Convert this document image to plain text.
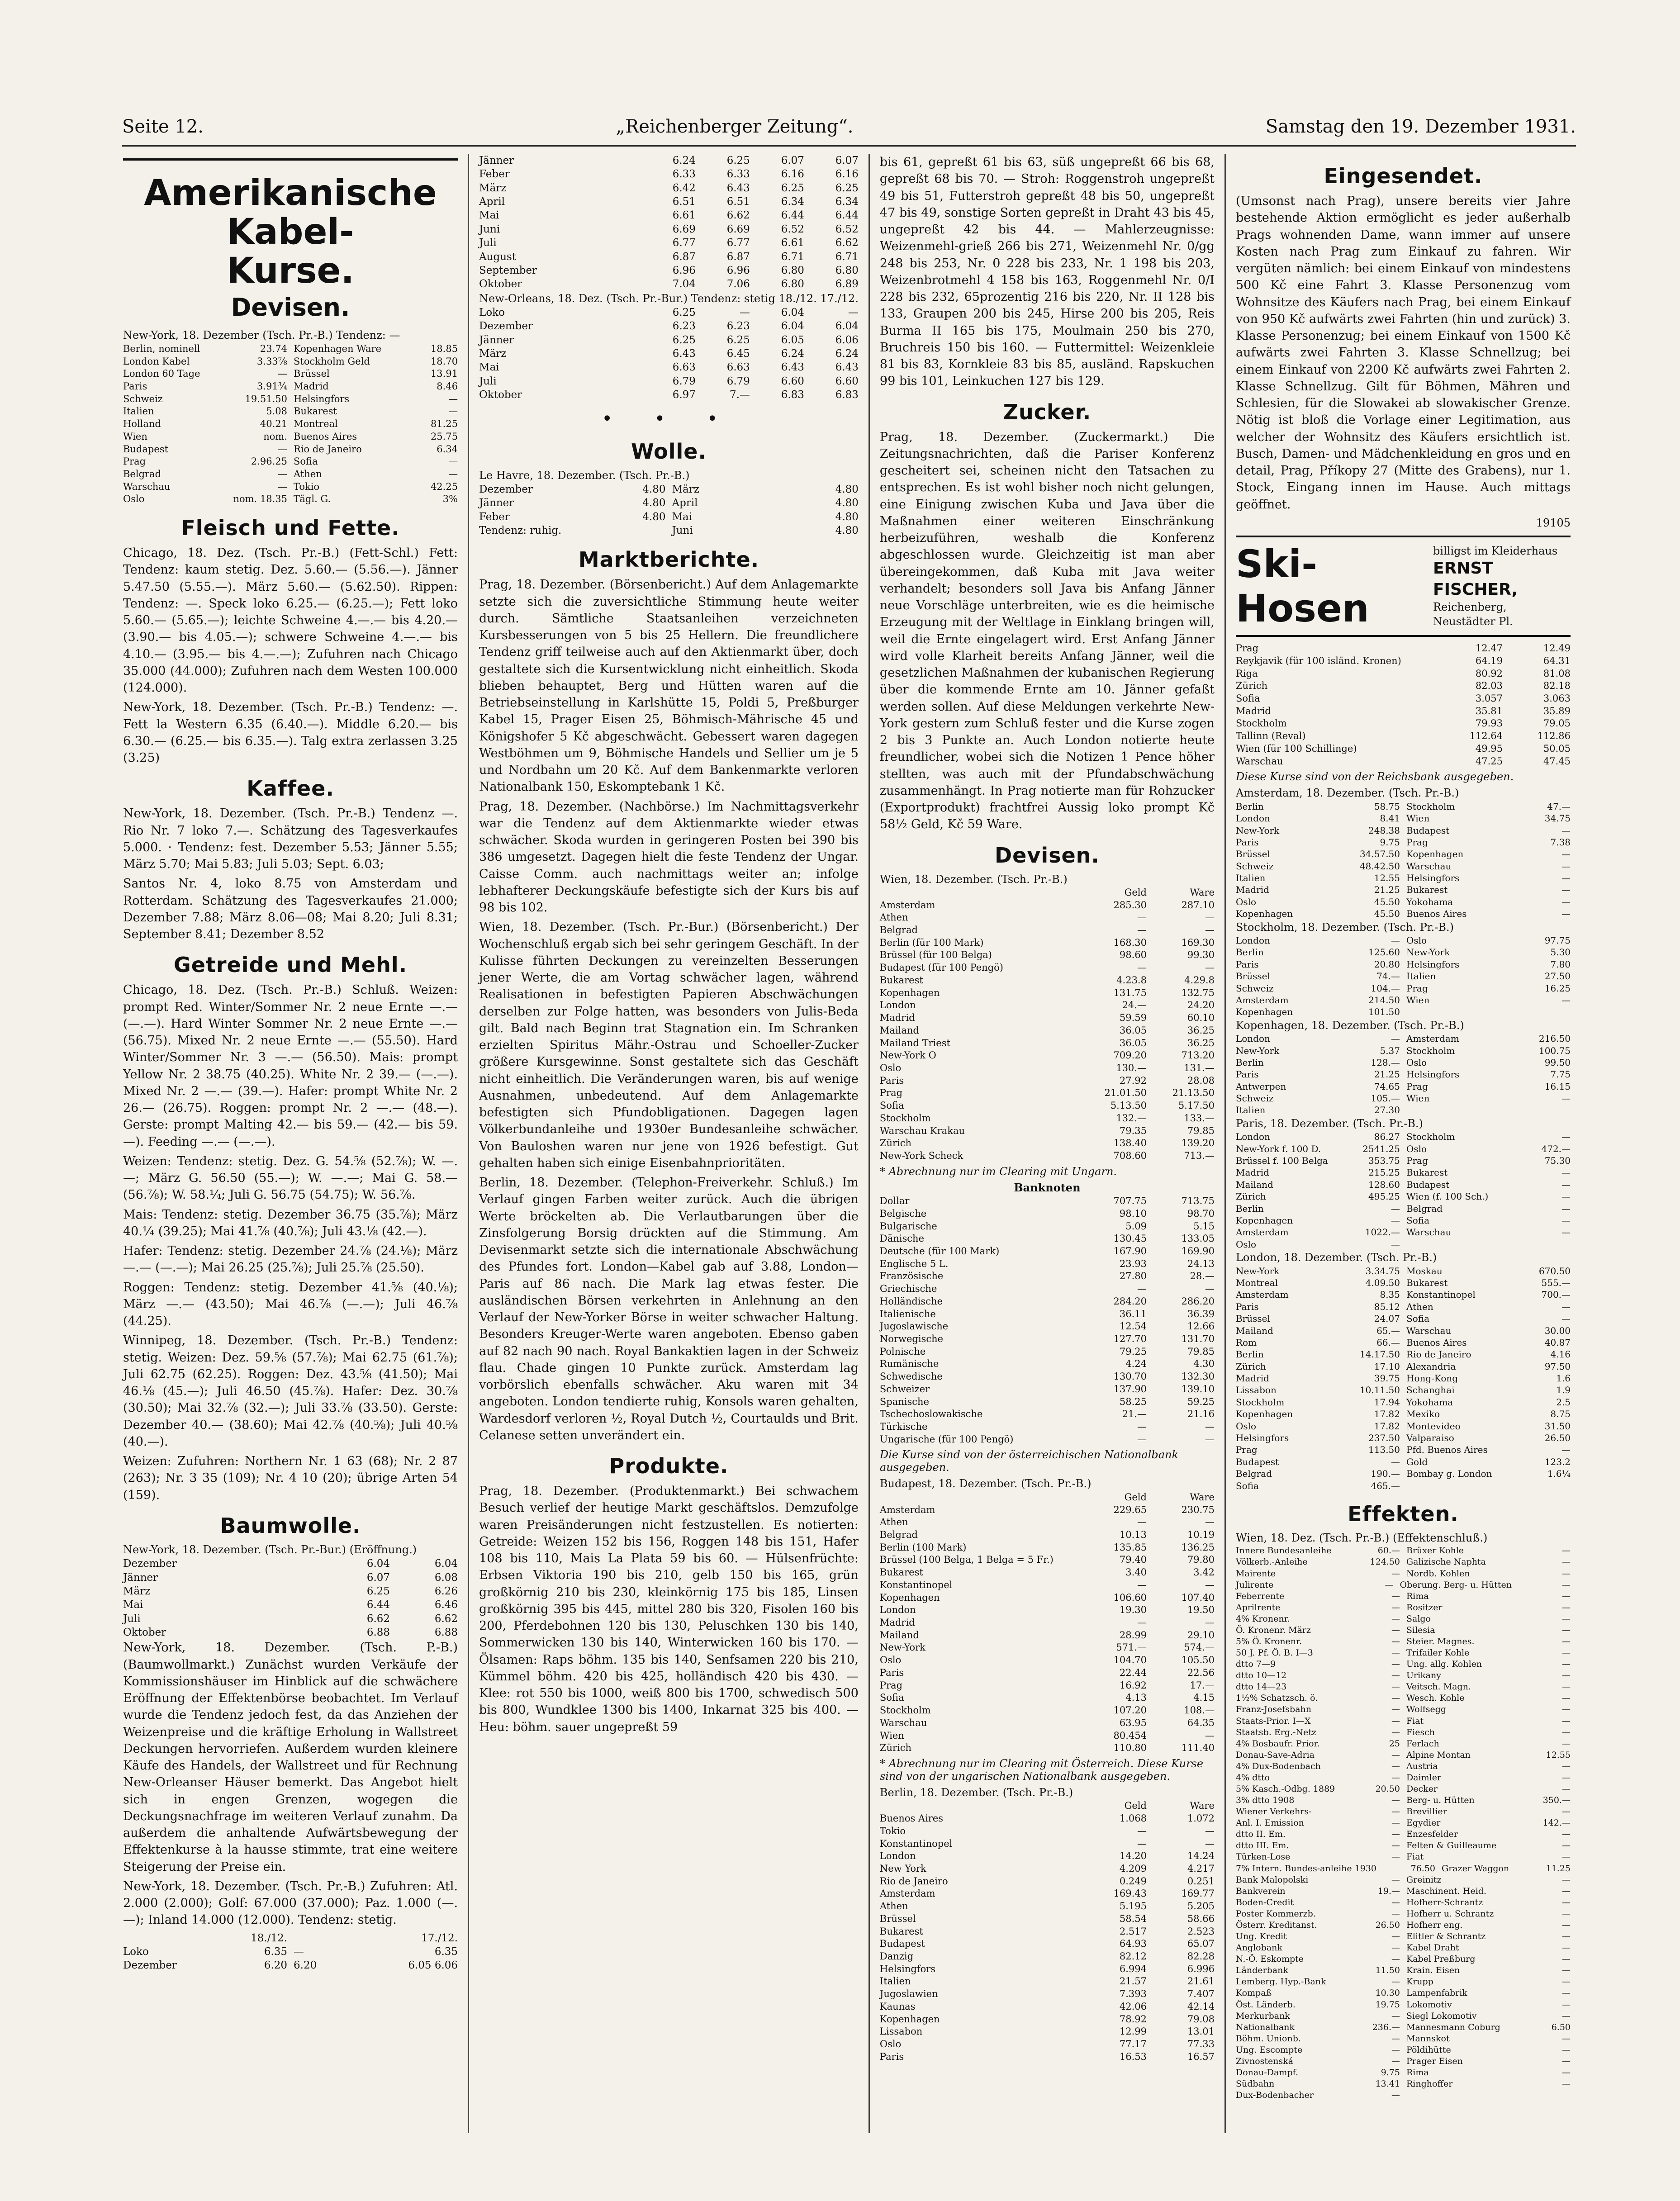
Seite 12.	„Reichenberger Zeitung“.	Samstag den 19. Dezember 1931.
Amerikanische Kabel-
Kurse.
Devisen.
New-York, 18. Dezember (Tsch. Pr.-B.) Tendenz: —
Berlin, nominell	23.74 Kopenhagen Ware	18.85
London Kabel	3.33⅞ Stockholm Geld	18.70
London 60 Tage	— Brüssel	13.91
Paris	3.91¾ Madrid	8.46
Schweiz	19.51.50 Helsingfors	—
Italien	5.08 Bukarest	—
Holland	40.21 Montreal	81.25
Wien	nom. Buenos Aires	25.75
Budapest	— Rio de Janeiro	6.34
Prag	2.96.25 Sofia	—
Belgrad	— Athen	—
Warschau	— Tokio	42.25
Oslo	nom. 18.35 Tägl. G.	3%
Fleisch und Fette.

Chicago, 18. Dez. (Tsch. Pr.-B.) (Fett-Schl.) Fett: Tendenz: kaum stetig. Dez. 5.60.— (5.56.—). Jänner 5.47.50 (5.55.—). März 5.60.— (5.62.50). Rippen: Tendenz: —. Speck loko 6.25.— (6.25.—); Fett loko 5.60.— (5.65.—); leichte Schweine 4.—.— bis 4.20.— (3.90.— bis 4.05.—); schwere Schweine 4.—.— bis 4.10.— (3.95.— bis 4.—.—); Zufuhren nach Chicago 35.000 (44.000); Zufuhren nach dem Westen 100.000 (124.000).

New-York, 18. Dezember. (Tsch. Pr.-B.) Tendenz: —. Fett la Western 6.35 (6.40.—). Middle 6.20.— bis 6.30.— (6.25.— bis 6.35.—). Talg extra zerlassen 3.25 (3.25)

Kaffee.

New-York, 18. Dezember. (Tsch. Pr.-B.) Tendenz —. Rio Nr. 7 loko 7.—. Schätzung des Tagesverkaufes 5.000. · Tendenz: fest. Dezember 5.53; Jänner 5.55; März 5.70; Mai 5.83; Juli 5.03; Sept. 6.03;

Santos Nr. 4, loko 8.75 von Amsterdam und Rotterdam. Schätzung des Tagesverkaufes 21.000; Dezember 7.88; März 8.06—08; Mai 8.20; Juli 8.31; September 8.41; Dezember 8.52

Getreide und Mehl.

Chicago, 18. Dez. (Tsch. Pr.-B.) Schluß. Weizen: prompt Red. Winter/Sommer Nr. 2 neue Ernte —.— (—.—). Hard Winter Sommer Nr. 2 neue Ernte —.— (56.75). Mixed Nr. 2 neue Ernte —.— (55.50). Hard Winter/Sommer Nr. 3 —.— (56.50). Mais: prompt Yellow Nr. 2 38.75 (40.25). White Nr. 2 39.— (—.—). Mixed Nr. 2 —.— (39.—). Hafer: prompt White Nr. 2 26.— (26.75). Roggen: prompt Nr. 2 —.— (48.—). Gerste: prompt Malting 42.— bis 59.— (42.— bis 59.—). Feeding —.— (—.—).

Weizen: Tendenz: stetig. Dez. G. 54.⅝ (52.⅞); W. —.—; März G. 56.50 (55.—); W. —.—; Mai G. 58.— (56.⅞); W. 58.¼; Juli G. 56.75 (54.75); W. 56.⅞.

Mais: Tendenz: stetig. Dezember 36.75 (35.⅞); März 40.¼ (39.25); Mai 41.⅞ (40.⅞); Juli 43.⅛ (42.—).

Hafer: Tendenz: stetig. Dezember 24.⅞ (24.⅛); März —.— (—.—); Mai 26.25 (25.⅞); Juli 25.⅞ (25.50).

Roggen: Tendenz: stetig. Dezember 41.⅝ (40.⅛); März —.— (43.50); Mai 46.⅞ (—.—); Juli 46.⅞ (44.25).

Winnipeg, 18. Dezember. (Tsch. Pr.-B.) Tendenz: stetig. Weizen: Dez. 59.⅝ (57.⅞); Mai 62.75 (61.⅞); Juli 62.75 (62.25). Roggen: Dez. 43.⅝ (41.50); Mai 46.⅛ (45.—); Juli 46.50 (45.⅞). Hafer: Dez. 30.⅞ (30.50); Mai 32.⅞ (32.—); Juli 33.⅞ (33.50). Gerste: Dezember 40.— (38.60); Mai 42.⅞ (40.⅝); Juli 40.⅝ (40.—).

Weizen: Zufuhren: Northern Nr. 1 63 (68); Nr. 2 87 (263); Nr. 3 35 (109); Nr. 4 10 (20); übrige Arten 54 (159).

Baumwolle.
New-York, 18. Dezember. (Tsch. Pr.-Bur.) (Eröffnung.)
Dezember	6.04	6.04
Jänner	6.07	6.08
März	6.25	6.26
Mai	6.44	6.46
Juli	6.62	6.62
Oktober	6.88	6.88

New-York, 18. Dezember. (Tsch. P.-B.) (Baumwollmarkt.) Zunächst wurden Verkäufe der Kommissionshäuser im Hinblick auf die schwächere Eröffnung der Effektenbörse beobachtet. Im Verlauf wurde die Tendenz jedoch fest, da das Anziehen der Weizenpreise und die kräftige Erholung in Wallstreet Deckungen hervorriefen. Außerdem wurden kleinere Käufe des Handels, der Wallstreet und für Rechnung New-Orleanser Häuser bemerkt. Das Angebot hielt sich in engen Grenzen, wogegen die Deckungsnachfrage im weiteren Verlauf zunahm. Da außerdem die anhaltende Aufwärtsbewegung der Effektenkurse à la hausse stimmte, trat eine weitere Steigerung der Preise ein.

New-York, 18. Dezember. (Tsch. Pr.-B.) Zufuhren: Atl. 2.000 (2.000); Golf: 67.000 (37.000); Paz. 1.000 (—.—); Inland 14.000 (12.000). Tendenz: stetig.

18./12.	17./12.
Loko	6.35 —	6.35
Dezember	6.20 6.20	6.05 6.06
Jänner	6.24	6.25	6.07	6.07
Feber	6.33	6.33	6.16	6.16
März	6.42	6.43	6.25	6.25
April	6.51	6.51	6.34	6.34
Mai	6.61	6.62	6.44	6.44
Juni	6.69	6.69	6.52	6.52
Juli	6.77	6.77	6.61	6.62
August	6.87	6.87	6.71	6.71
September	6.96	6.96	6.80	6.80
Oktober	7.04	7.06	6.80	6.89
New-Orleans, 18. Dez. (Tsch. Pr.-Bur.) Tendenz: stetig 18./12. 17./12.
Loko	6.25	—	6.04	—
Dezember	6.23	6.23	6.04	6.04
Jänner	6.25	6.25	6.05	6.06
März	6.43	6.45	6.24	6.24
Mai	6.63	6.63	6.43	6.43
Juli	6.79	6.79	6.60	6.60
Oktober	6.97	7.—	6.83	6.83
• • •
Wolle.
Le Havre, 18. Dezember. (Tsch. Pr.-B.)
Dezember	4.80 März	4.80
Jänner	4.80 April	4.80
Feber	4.80 Mai	4.80
Tendenz: ruhig.	Juni	4.80
Marktberichte.

Prag, 18. Dezember. (Börsenbericht.) Auf dem Anlagemarkte setzte sich die zuversichtliche Stimmung heute weiter durch. Sämtliche Staatsanleihen verzeichneten Kursbesserungen von 5 bis 25 Hellern. Die freundlichere Tendenz griff teilweise auch auf den Aktienmarkt über, doch gestaltete sich die Kursentwicklung nicht einheitlich. Skoda blieben behauptet, Berg und Hütten waren auf die Betriebseinstellung in Karlshütte 15, Poldi 5, Preßburger Kabel 15, Prager Eisen 25, Böhmisch-Mährische 45 und Königshofer 5 Kč abgeschwächt. Gebessert waren dagegen Westböhmen um 9, Böhmische Handels und Sellier um je 5 und Nordbahn um 20 Kč. Auf dem Bankenmarkte verloren Nationalbank 150, Eskomptebank 1 Kč.

Prag, 18. Dezember. (Nachbörse.) Im Nachmittagsverkehr war die Tendenz auf dem Aktienmarkte wieder etwas schwächer. Skoda wurden in geringeren Posten bei 390 bis 386 umgesetzt. Dagegen hielt die feste Tendenz der Ungar. Caisse Comm. auch nachmittags weiter an; infolge lebhafterer Deckungskäufe befestigte sich der Kurs bis auf 98 bis 102.

Wien, 18. Dezember. (Tsch. Pr.-Bur.) (Börsenbericht.) Der Wochenschluß ergab sich bei sehr geringem Geschäft. In der Kulisse führten Deckungen zu vereinzelten Besserungen jener Werte, die am Vortag schwächer lagen, während Realisationen in befestigten Papieren Abschwächungen derselben zur Folge hatten, was besonders von Julis-Beda gilt. Bald nach Beginn trat Stagnation ein. Im Schranken erzielten Spiritus Mähr.-Ostrau und Schoeller-Zucker größere Kursgewinne. Sonst gestaltete sich das Geschäft nicht einheitlich. Die Veränderungen waren, bis auf wenige Ausnahmen, unbedeutend. Auf dem Anlagemarkte befestigten sich Pfundobligationen. Dagegen lagen Völkerbundanleihe und 1930er Bundesanleihe schwächer. Von Bauloshen waren nur jene von 1926 befestigt. Gut gehalten haben sich einige Eisenbahnprioritäten.

Berlin, 18. Dezember. (Telephon-Freiverkehr. Schluß.) Im Verlauf gingen Farben weiter zurück. Auch die übrigen Werte bröckelten ab. Die Verlautbarungen über die Zinsfolgerung Borsig drückten auf die Stimmung. Am Devisenmarkt setzte sich die internationale Abschwächung des Pfundes fort. London—Kabel gab auf 3.88, London—Paris auf 86 nach. Die Mark lag etwas fester. Die ausländischen Börsen verkehrten in Anlehnung an den Verlauf der New-Yorker Börse in weiter schwacher Haltung. Besonders Kreuger-Werte waren angeboten. Ebenso gaben auf 82 nach 90 nach. Royal Bankaktien lagen in der Schweiz flau. Chade gingen 10 Punkte zurück. Amsterdam lag vorbörslich ebenfalls schwächer. Aku waren mit 34 angeboten. London tendierte ruhig, Konsols waren gehalten, Wardesdorf verloren ½, Royal Dutch ½, Courtaulds und Brit. Celanese setten unverändert ein.

Produkte.

Prag, 18. Dezember. (Produktenmarkt.) Bei schwachem Besuch verlief der heutige Markt geschäftslos. Demzufolge waren Preisänderungen nicht festzustellen. Es notierten: Getreide: Weizen 152 bis 156, Roggen 148 bis 151, Hafer 108 bis 110, Mais La Plata 59 bis 60. — Hülsenfrüchte: Erbsen Viktoria 190 bis 210, gelb 150 bis 165, grün großkörnig 210 bis 230, kleinkörnig 175 bis 185, Linsen großkörnig 395 bis 445, mittel 280 bis 320, Fisolen 160 bis 200, Pferdebohnen 120 bis 130, Peluschken 130 bis 140, Sommerwicken 130 bis 140, Winterwicken 160 bis 170. — Ölsamen: Raps böhm. 135 bis 140, Senfsamen 220 bis 210, Kümmel böhm. 420 bis 425, holländisch 420 bis 430. — Klee: rot 550 bis 1000, weiß 800 bis 1700, schwedisch 500 bis 800, Wundklee 1300 bis 1400, Inkarnat 325 bis 400. — Heu: böhm. sauer ungepreßt 59

bis 61, gepreßt 61 bis 63, süß ungepreßt 66 bis 68, gepreßt 68 bis 70. — Stroh: Roggenstroh ungepreßt 49 bis 51, Futterstroh gepreßt 48 bis 50, ungepreßt 47 bis 49, sonstige Sorten gepreßt in Draht 43 bis 45, ungepreßt 42 bis 44. — Mahlerzeugnisse: Weizenmehl-grieß 266 bis 271, Weizenmehl Nr. 0/gg 248 bis 253, Nr. 0 228 bis 233, Nr. 1 198 bis 203, Weizenbrotmehl 4 158 bis 163, Roggenmehl Nr. 0/I 228 bis 232, 65prozentig 216 bis 220, Nr. II 128 bis 133, Graupen 200 bis 245, Hirse 200 bis 205, Reis Burma II 165 bis 175, Moulmain 250 bis 270, Bruchreis 150 bis 160. — Futtermittel: Weizenkleie 81 bis 83, Kornkleie 83 bis 85, ausländ. Rapskuchen 99 bis 101, Leinkuchen 127 bis 129.

Zucker.

Prag, 18. Dezember. (Zuckermarkt.) Die Zeitungsnachrichten, daß die Pariser Konferenz gescheitert sei, scheinen nicht den Tatsachen zu entsprechen. Es ist wohl bisher noch nicht gelungen, eine Einigung zwischen Kuba und Java über die Maßnahmen einer weiteren Einschränkung herbeizuführen, weshalb die Konferenz abgeschlossen wurde. Gleichzeitig ist man aber übereingekommen, daß Kuba mit Java weiter verhandelt; besonders soll Java bis Anfang Jänner neue Vorschläge unterbreiten, wie es die heimische Erzeugung mit der Weltlage in Einklang bringen will, weil die Ernte eingelagert wird. Erst Anfang Jänner wird volle Klarheit bereits Anfang Jänner, weil die gesetzlichen Maßnahmen der kubanischen Regierung über die kommende Ernte am 10. Jänner gefaßt werden sollen. Auf diese Meldungen verkehrte New-York gestern zum Schluß fester und die Kurse zogen 2 bis 3 Punkte an. Auch London notierte heute freundlicher, wobei sich die Notizen 1 Pence höher stellten, was auch mit der Pfundabschwächung zusammenhängt. In Prag notierte man für Rohzucker (Exportprodukt) frachtfrei Aussig loko prompt Kč 58½ Geld, Kč 59 Ware.

Devisen.
Wien, 18. Dezember. (Tsch. Pr.-B.)
Geld	Ware
Amsterdam	285.30	287.10
Athen	—	—
Belgrad	—	—
Berlin (für 100 Mark)	168.30	169.30
Brüssel (für 100 Belga)	98.60	99.30
Budapest (für 100 Pengö)	—	—
Bukarest	4.23.8	4.29.8
Kopenhagen	131.75	132.75
London	24.—	24.20
Madrid	59.59	60.10
Mailand	36.05	36.25
Mailand Triest	36.05	36.25
New-York O	709.20	713.20
Oslo	130.—	131.—
Paris	27.92	28.08
Prag	21.01.50	21.13.50
Sofia	5.13.50	5.17.50
Stockholm	132.—	133.—
Warschau Krakau	79.35	79.85
Zürich	138.40	139.20
New-York Scheck	708.60	713.—
* Abrechnung nur im Clearing mit Ungarn.
Banknoten
Dollar	707.75	713.75
Belgische	98.10	98.70
Bulgarische	5.09	5.15
Dänische	130.45	133.05
Deutsche (für 100 Mark)	167.90	169.90
Englische 5 L.	23.93	24.13
Französische	27.80	28.—
Griechische	—	—
Holländische	284.20	286.20
Italienische	36.11	36.39
Jugoslawische	12.54	12.66
Norwegische	127.70	131.70
Polnische	79.25	79.85
Rumänische	4.24	4.30
Schwedische	130.70	132.30
Schweizer	137.90	139.10
Spanische	58.25	59.25
Tschechoslowakische	21.—	21.16
Türkische	—	—
Ungarische (für 100 Pengö)	—	—
Die Kurse sind von der österreichischen Nationalbank ausgegeben.
Budapest, 18. Dezember. (Tsch. Pr.-B.)
Geld	Ware
Amsterdam	229.65	230.75
Athen	—	—
Belgrad	10.13	10.19
Berlin (100 Mark)	135.85	136.25
Brüssel (100 Belga, 1 Belga = 5 Fr.)	79.40	79.80
Bukarest	3.40	3.42
Konstantinopel	—	—
Kopenhagen	106.60	107.40
London	19.30	19.50
Madrid	—	—
Mailand	28.99	29.10
New-York	571.—	574.—
Oslo	104.70	105.50
Paris	22.44	22.56
Prag	16.92	17.—
Sofia	4.13	4.15
Stockholm	107.20	108.—
Warschau	63.95	64.35
Wien	80.454	—
Zürich	110.80	111.40
* Abrechnung nur im Clearing mit Österreich. Diese Kurse sind von der ungarischen Nationalbank ausgegeben.
Berlin, 18. Dezember. (Tsch. Pr.-B.)
Geld	Ware
Buenos Aires	1.068	1.072
Tokio	—	—
Konstantinopel	—	—
London	14.20	14.24
New York	4.209	4.217
Rio de Janeiro	0.249	0.251
Amsterdam	169.43	169.77
Athen	5.195	5.205
Brüssel	58.54	58.66
Bukarest	2.517	2.523
Budapest	64.93	65.07
Danzig	82.12	82.28
Helsingfors	6.994	6.996
Italien	21.57	21.61
Jugoslawien	7.393	7.407
Kaunas	42.06	42.14
Kopenhagen	78.92	79.08
Lissabon	12.99	13.01
Oslo	77.17	77.33
Paris	16.53	16.57
Eingesendet.

(Umsonst nach Prag), unsere bereits vier Jahre bestehende Aktion ermöglicht es jeder außerhalb Prags wohnenden Dame, wann immer auf unsere Kosten nach Prag zum Einkauf zu fahren. Wir vergüten nämlich: bei einem Einkauf von mindestens 500 Kč eine Fahrt 3. Klasse Personenzug vom Wohnsitze des Käufers nach Prag, bei einem Einkauf von 950 Kč aufwärts zwei Fahrten (hin und zurück) 3. Klasse Personenzug; bei einem Einkauf von 1500 Kč aufwärts zwei Fahrten 3. Klasse Schnellzug; bei einem Einkauf von 2200 Kč aufwärts zwei Fahrten 2. Klasse Schnellzug. Gilt für Böhmen, Mähren und Schlesien, für die Slowakei ab slowakischer Grenze. Nötig ist bloß die Vorlage einer Legitimation, aus welcher der Wohnsitz des Käufers ersichtlich ist. Busch, Damen- und Mädchenkleidung en gros und en detail, Prag, Příkopy 27 (Mitte des Grabens), nur 1. Stock, Eingang innen im Hause. Auch mittags geöffnet.

19105
Ski-Hosen
billigst im Kleiderhaus
ERNST FISCHER,
Reichenberg, Neustädter Pl.
Prag	12.47	12.49
Reykjavik (für 100 isländ. Kronen)	64.19	64.31
Riga	80.92	81.08
Zürich	82.03	82.18
Sofia	3.057	3.063
Madrid	35.81	35.89
Stockholm	79.93	79.05
Tallinn (Reval)	112.64	112.86
Wien (für 100 Schillinge)	49.95	50.05
Warschau	47.25	47.45
Diese Kurse sind von der Reichsbank ausgegeben.
Amsterdam, 18. Dezember. (Tsch. Pr.-B.)
Berlin	58.75 Stockholm	47.—
London	8.41 Wien	34.75
New-York	248.38 Budapest	—
Paris	9.75 Prag	7.38
Brüssel	34.57.50 Kopenhagen	—
Schweiz	48.42.50 Warschau	—
Italien	12.55 Helsingfors	—
Madrid	21.25 Bukarest	—
Oslo	45.50 Yokohama	—
Kopenhagen	45.50 Buenos Aires	—
Stockholm, 18. Dezember. (Tsch. Pr.-B.)
London	— Oslo	97.75
Berlin	125.60 New-York	5.30
Paris	20.80 Helsingfors	7.80
Brüssel	74.— Italien	27.50
Schweiz	104.— Prag	16.25
Amsterdam	214.50 Wien	—
Kopenhagen	101.50
Kopenhagen, 18. Dezember. (Tsch. Pr.-B.)
London	— Amsterdam	216.50
New-York	5.37 Stockholm	100.75
Berlin	128.— Oslo	99.50
Paris	21.25 Helsingfors	7.75
Antwerpen	74.65 Prag	16.15
Schweiz	105.— Wien	—
Italien	27.30
Paris, 18. Dezember. (Tsch. Pr.-B.)
London	86.27 Stockholm	—
New-York f. 100 D.	2541.25 Oslo	472.—
Brüssel f. 100 Belga	353.75 Prag	75.30
Madrid	215.25 Bukarest	—
Mailand	128.60 Budapest	—
Zürich	495.25 Wien (f. 100 Sch.)	—
Berlin	— Belgrad	—
Kopenhagen	— Sofia	—
Amsterdam	1022.— Warschau	—
Oslo	—
London, 18. Dezember. (Tsch. Pr.-B.)
New-York	3.34.75 Moskau	670.50
Montreal	4.09.50 Bukarest	555.—
Amsterdam	8.35 Konstantinopel	700.—
Paris	85.12 Athen	—
Brüssel	24.07 Sofia	—
Mailand	65.— Warschau	30.00
Rom	66.— Buenos Aires	40.87
Berlin	14.17.50 Rio de Janeiro	4.16
Zürich	17.10 Alexandria	97.50
Madrid	39.75 Hong-Kong	1.6
Lissabon	10.11.50 Schanghai	1.9
Stockholm	17.94 Yokohama	2.5
Kopenhagen	17.82 Mexiko	8.75
Oslo	17.82 Montevideo	31.50
Helsingfors	237.50 Valparaiso	26.50
Prag	113.50 Pfd. Buenos Aires	—
Budapest	— Gold	123.2
Belgrad	190.— Bombay g. London	1.6¼
Sofia	465.—
Effekten.
Wien, 18. Dez. (Tsch. Pr.-B.) (Effektenschluß.)
Innere Bundesanleihe	60.— Brüxer Kohle	—
Völkerb.-Anleihe	124.50 Galizische Naphta	—
Mairente	— Nordb. Kohlen	—
Julirente	— Oberung. Berg- u. Hütten	—
Feberrente	— Rima	—
Aprilrente	— Rositzer	—
4% Kronenr.	— Salgo	—
Ö. Kronenr. März	— Silesia	—
5% Ö. Kronenr.	— Steier. Magnes.	—
50 J. Pf. Ö. B. I—3	— Trifailer Kohle	—
dtto 7—9	— Ung. allg. Kohlen	—
dtto 10—12	— Urikany	—
dtto 14—23	— Veitsch. Magn.	—
1½% Schatzsch. ö.	— Wesch. Kohle	—
Franz-Josefsbahn	— Wolfsegg	—
Staats-Prior. I—X	— Fiat	—
Staatsb. Erg.-Netz	— Fiesch	—
4% Bosbaufr. Prior.	25 Ferlach	—
Donau-Save-Adria	— Alpine Montan	12.55
4% Dux-Bodenbach	— Austria	—
4% dtto	— Daimler	—
5% Kasch.-Odbg. 1889	20.50 Decker	—
3% dtto 1908	— Berg- u. Hütten	350.—
Wiener Verkehrs-	— Brevillier	—
Anl. I. Emission	— Egydier	142.—
dtto II. Em.	— Enzesfelder	—
dtto III. Em.	— Felten & Guilleaume	—
Türken-Lose	— Fiat	—
7% Intern. Bundes-anleihe 1930	76.50 Grazer Waggon	11.25
Bank Malopolski	— Greinitz	—
Bankverein	19.— Maschinent. Heid.	—
Boden-Credit	— Hofherr-Schrantz	—
Poster Kommerzb.	— Hofherr u. Schrantz	—
Österr. Kreditanst.	26.50 Hofherr eng.	—
Ung. Kredit	— Elitler & Schrantz	—
Anglobank	— Kabel Draht	—
N.-Ö. Eskompte	— Kabel Preßburg	—
Länderbank	11.50 Krain. Eisen	—
Lemberg. Hyp.-Bank	— Krupp	—
Kompaß	10.30 Lampenfabrik	—
Öst. Länderb.	19.75 Lokomotiv	—
Merkurbank	— Siegl Lokomotiv	—
Nationalbank	236.— Mannesmann Coburg	6.50
Böhm. Unionb.	— Mannskot	—
Ung. Escompte	— Pöldihütte	—
Zivnostenská	— Prager Eisen	—
Donau-Dampf.	9.75 Rima	—
Südbahn	13.41 Ringhoffer	—
Dux-Bodenbacher	—
